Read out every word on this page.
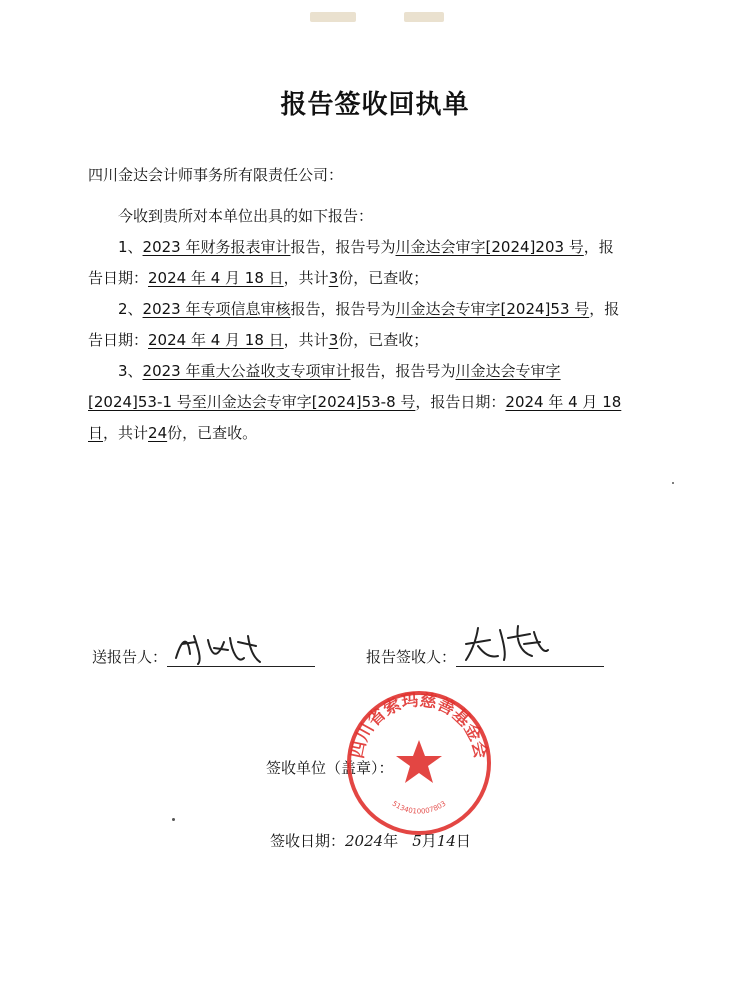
报告签收回执单
四川金达会计师事务所有限责任公司：

今收到贵所对本单位出具的如下报告：

1、2023 年财务报表审计报告，报告号为川金达会审字[2024]203 号，报告日期：2024 年 4 月 18 日，共计3份，已查收；

2、2023 年专项信息审核报告，报告号为川金达会专审字[2024]53 号，报告日期：2024 年 4 月 18 日，共计3份，已查收；

3、2023 年重大公益收支专项审计报告，报告号为川金达会专审字[2024]53-1 号至川金达会专审字[2024]53-8 号，报告日期：2024 年 4 月 18 日，共计24份，已查收。

送报告人：	报告签收人：
签收单位（盖章）：
四川省索玛慈善基金会
5134010007803
签收日期：2024年 5月14日
